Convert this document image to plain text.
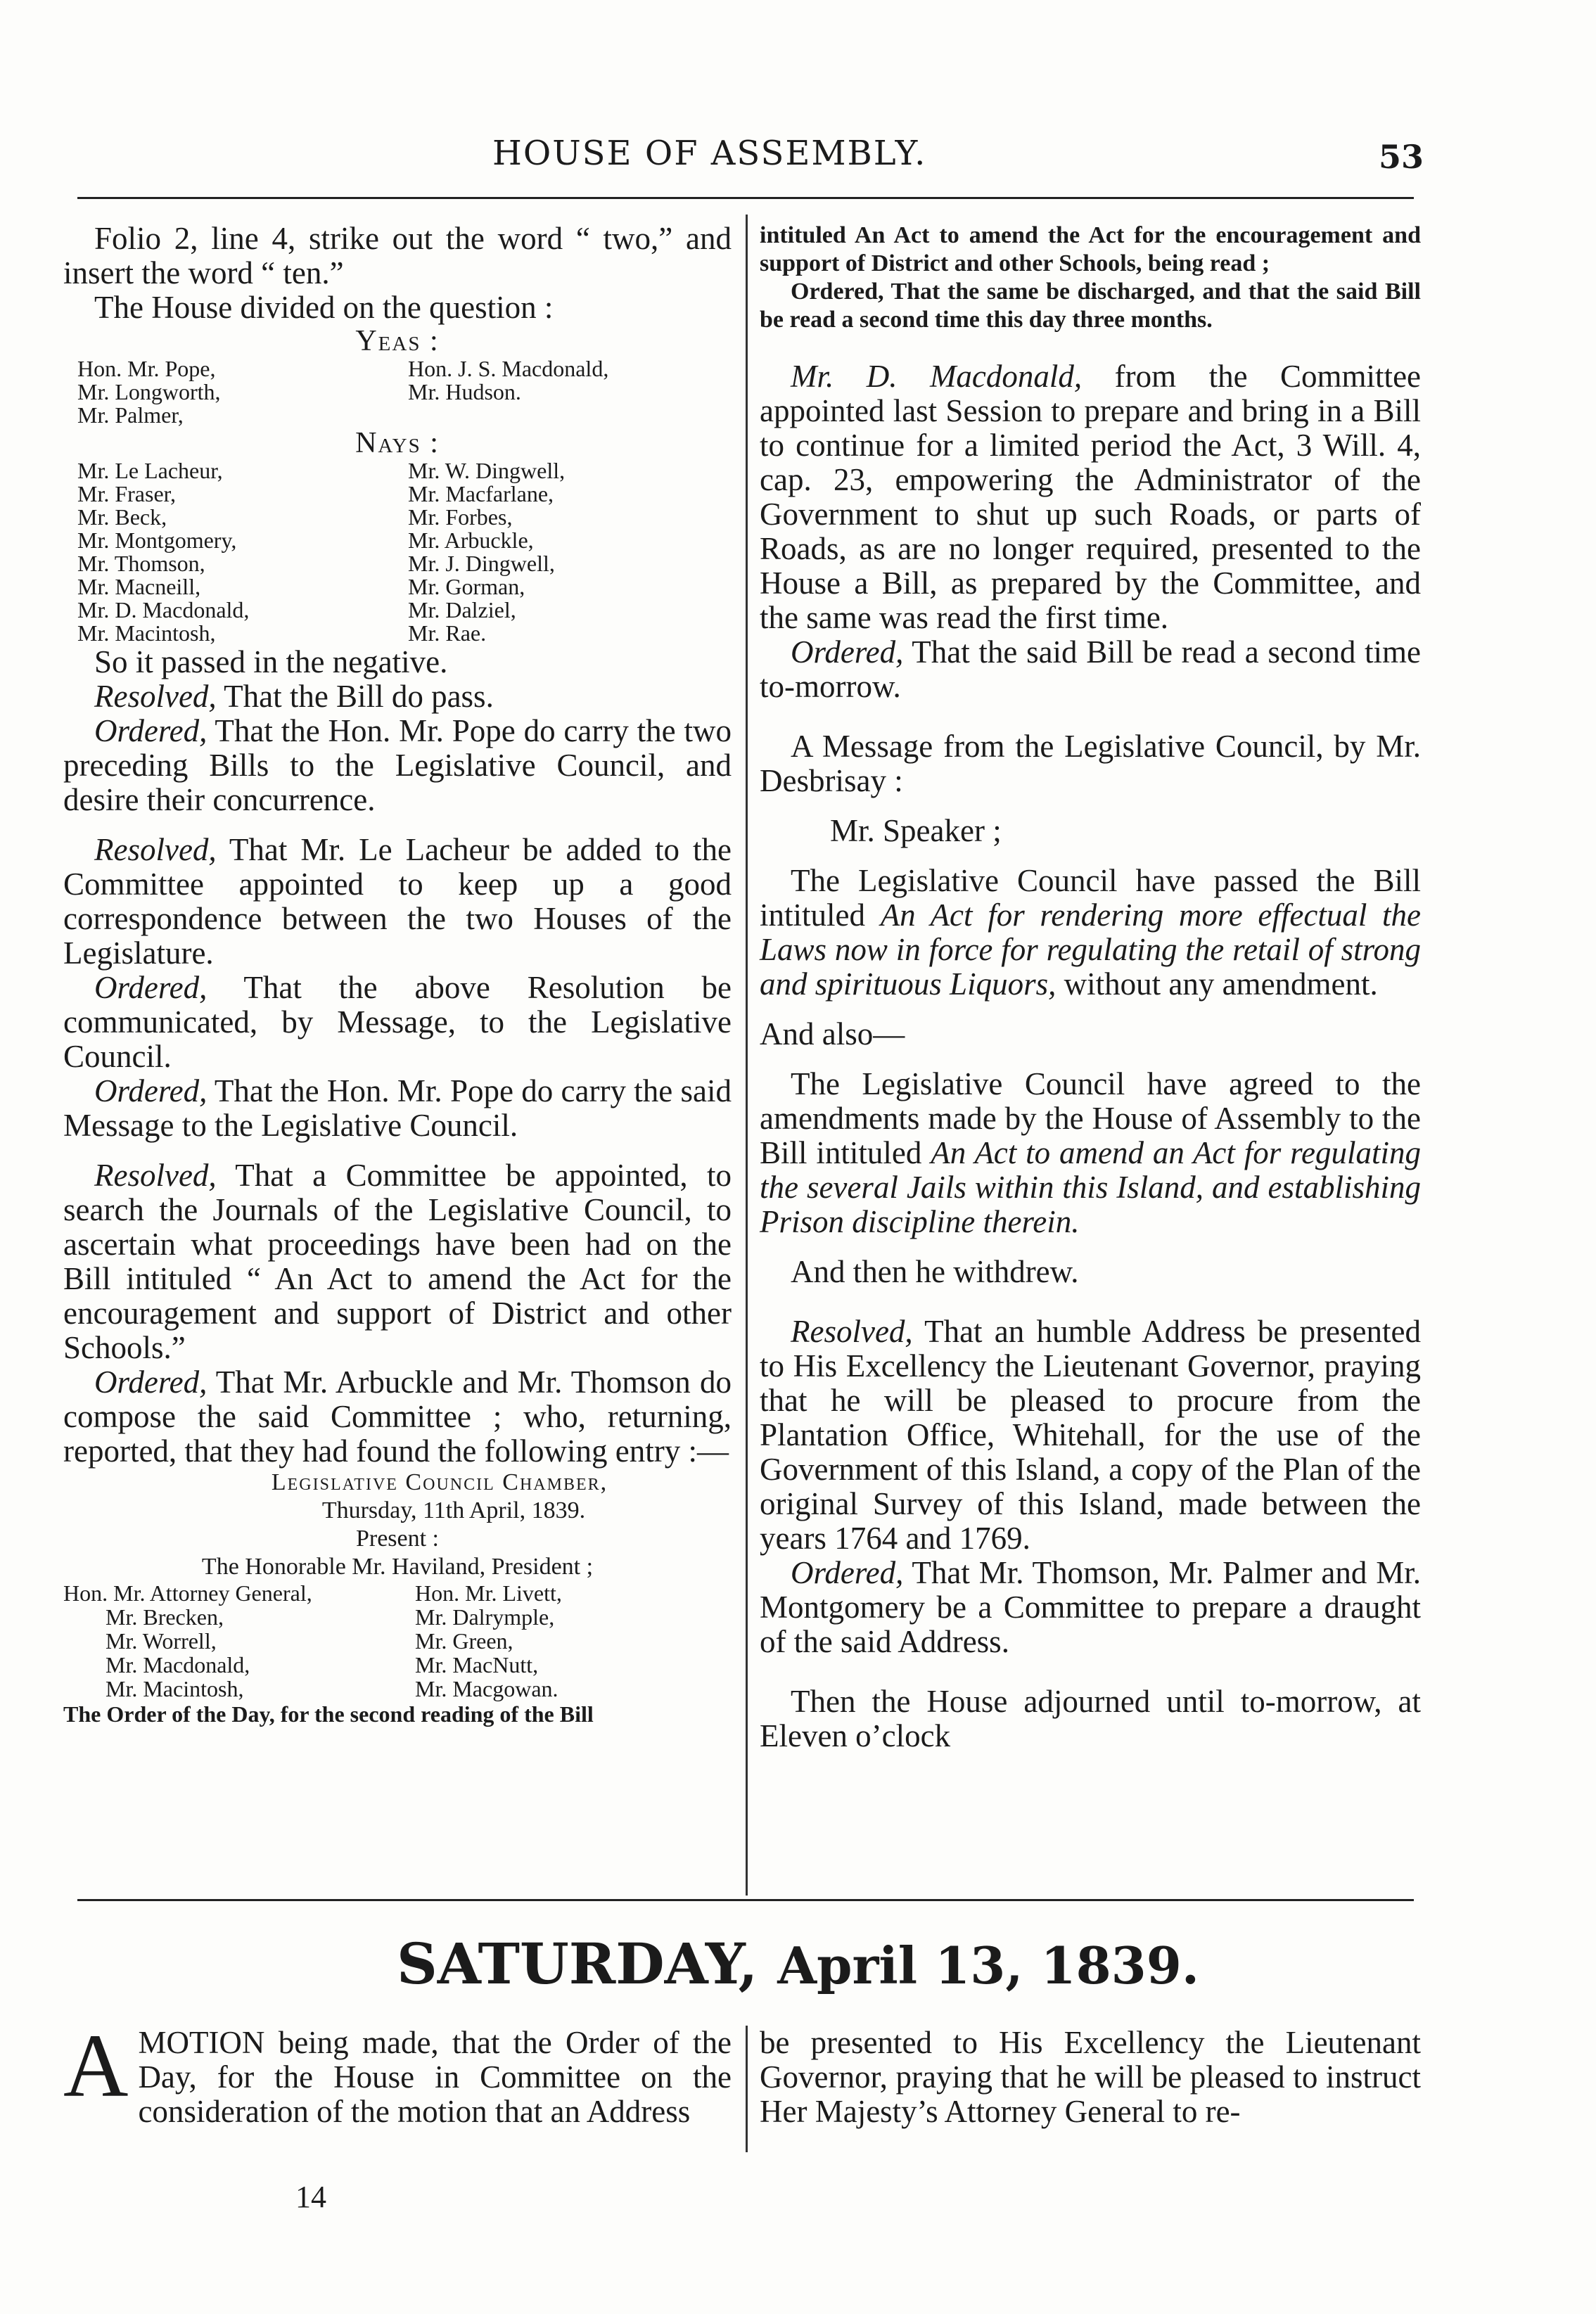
HOUSE OF ASSEMBLY.	53

Folio 2, line 4, strike out the word “ two,” and insert the word “ ten.”

The House divided on the question :

Yeas :
Hon. Mr. Pope,	Hon. J. S. Macdonald,
Mr. Longworth,	Mr. Hudson.
Mr. Palmer,
Nays :
Mr. Le Lacheur,	Mr. W. Dingwell,
Mr. Fraser,	Mr. Macfarlane,
Mr. Beck,	Mr. Forbes,
Mr. Montgomery,	Mr. Arbuckle,
Mr. Thomson,	Mr. J. Dingwell,
Mr. Macneill,	Mr. Gorman,
Mr. D. Macdonald,	Mr. Dalziel,
Mr. Macintosh,	Mr. Rae.

So it passed in the negative.

Resolved, That the Bill do pass.

Ordered, That the Hon. Mr. Pope do carry the two preceding Bills to the Legislative Council, and desire their concurrence.

Resolved, That Mr. Le Lacheur be added to the Committee appointed to keep up a good correspondence between the two Houses of the Legislature.

Ordered, That the above Resolution be communicated, by Message, to the Legislative Council.

Ordered, That the Hon. Mr. Pope do carry the said Message to the Legislative Council.

Resolved, That a Committee be appointed, to search the Journals of the Legislative Council, to ascertain what proceedings have been had on the Bill intituled “ An Act to amend the Act for the encouragement and support of District and other Schools.”

Ordered, That Mr. Arbuckle and Mr. Thomson do compose the said Committee ; who, returning, reported, that they had found the following entry :—

Legislative Council Chamber,

Thursday, 11th April, 1839.

Present :

The Honorable Mr. Haviland, President ;

Hon. Mr. Attorney General,	Hon. Mr. Livett,
Mr. Brecken,	Mr. Dalrymple,
Mr. Worrell,	Mr. Green,
Mr. Macdonald,	Mr. MacNutt,
Mr. Macintosh,	Mr. Macgowan.

The Order of the Day, for the second reading of the Bill

intituled An Act to amend the Act for the encouragement and support of District and other Schools, being read ;

Ordered, That the same be discharged, and that the said Bill be read a second time this day three months.

Mr. D. Macdonald, from the Committee appointed last Session to prepare and bring in a Bill to continue for a limited period the Act, 3 Will. 4, cap. 23, empowering the Administrator of the Government to shut up such Roads, or parts of Roads, as are no longer required, presented to the House a Bill, as prepared by the Committee, and the same was read the first time.

Ordered, That the said Bill be read a second time to-morrow.

A Message from the Legislative Council, by Mr. Desbrisay :

Mr. Speaker ;

The Legislative Council have passed the Bill intituled An Act for rendering more effectual the Laws now in force for regulating the retail of strong and spirituous Liquors, without any amendment.

And also—

The Legislative Council have agreed to the amendments made by the House of Assembly to the Bill intituled An Act to amend an Act for regulating the several Jails within this Island, and establishing Prison discipline therein.

And then he withdrew.

Resolved, That an humble Address be presented to His Excellency the Lieutenant Governor, praying that he will be pleased to procure from the Plantation Office, Whitehall, for the use of the Government of this Island, a copy of the Plan of the original Survey of this Island, made between the years 1764 and 1769.

Ordered, That Mr. Thomson, Mr. Palmer and Mr. Montgomery be a Committee to prepare a draught of the said Address.

Then the House adjourned until to-morrow, at Eleven o’clock

SATURDAY, April 13, 1839.

AMOTION being made, that the Order of the Day, for the House in Committee on the consideration of the motion that an Address

be presented to His Excellency the Lieutenant Governor, praying that he will be pleased to instruct Her Majesty’s Attorney General to re-

14
